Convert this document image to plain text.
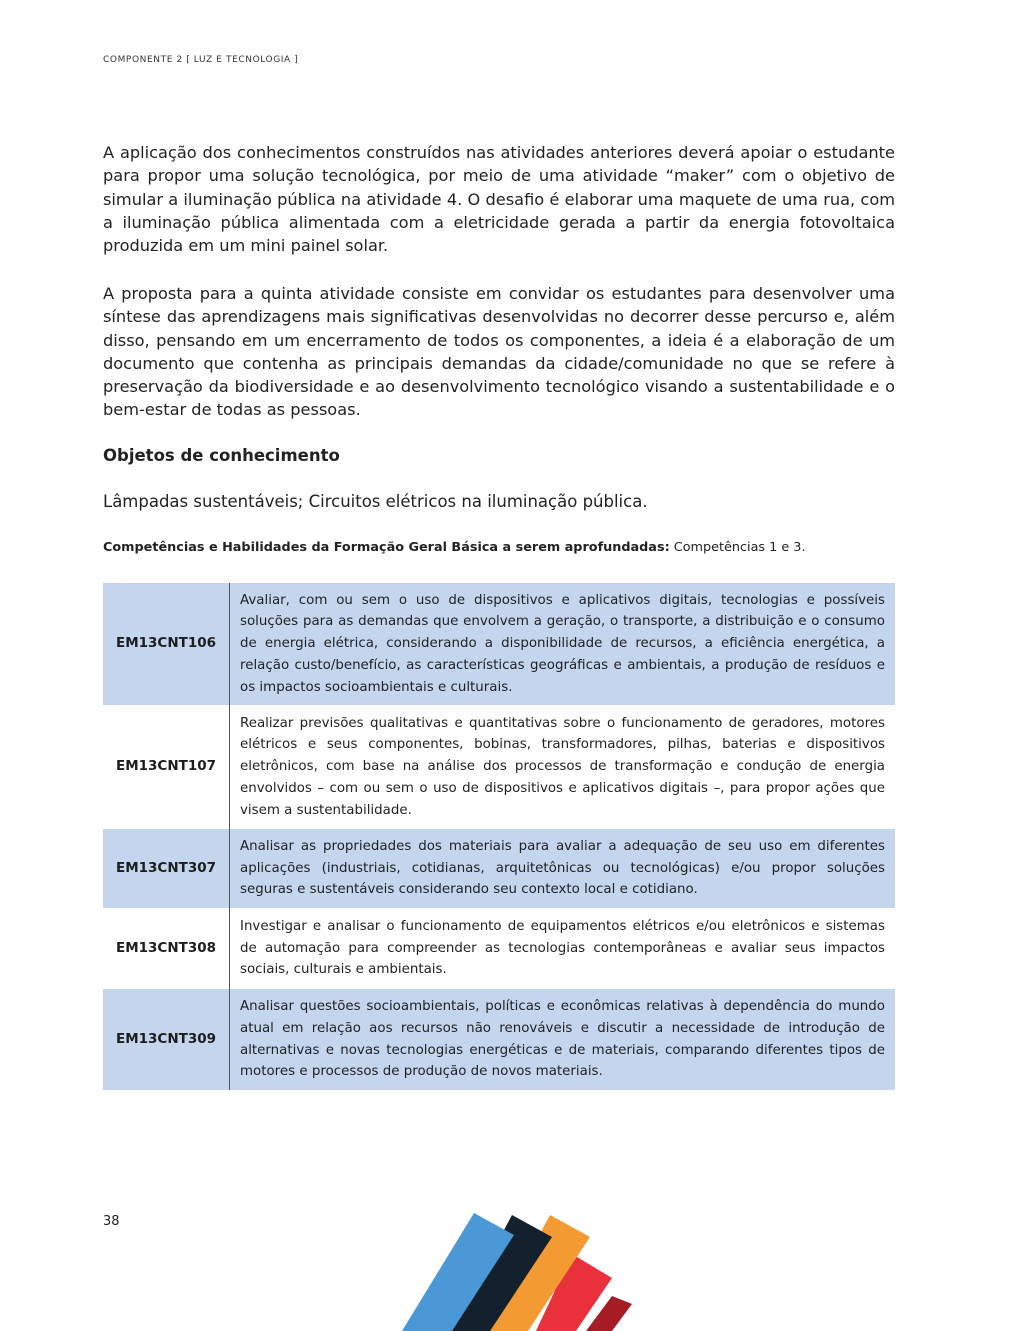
COMPONENTE 2 [ LUZ E TECNOLOGIA ]

A aplicação dos conhecimentos construídos nas atividades anteriores deverá apoiar o estudante para propor uma solução tecnológica, por meio de uma atividade “maker” com o objetivo de simular a iluminação pública na atividade 4. O desafio é elaborar uma maquete de uma rua, com a iluminação pública alimentada com a eletricidade gerada a partir da energia fotovoltaica produzida em um mini painel solar.

A proposta para a quinta atividade consiste em convidar os estudantes para desenvolver uma síntese das aprendizagens mais significativas desenvolvidas no decorrer desse percurso e, além disso, pensando em um encerramento de todos os componentes, a ideia é a elaboração de um documento que contenha as principais demandas da cidade/comunidade no que se refere à preservação da biodiversidade e ao desenvolvimento tecnológico visando a sustentabilidade e o bem-estar de todas as pessoas.

Objetos de conhecimento
Lâmpadas sustentáveis; Circuitos elétricos na iluminação pública.
Competências e Habilidades da Formação Geral Básica a serem aprofundadas: Competências 1 e 3.
EM13CNT106	Avaliar, com ou sem o uso de dispositivos e aplicativos digitais, tecnologias e possíveis soluções para as demandas que envolvem a geração, o transporte, a distribuição e o consumo de energia elétrica, considerando a disponibilidade de recursos, a eficiência energética, a relação custo/benefício, as características geográficas e ambientais, a produção de resíduos e os impactos socioambientais e culturais.
EM13CNT107	Realizar previsões qualitativas e quantitativas sobre o funcionamento de geradores, motores elétricos e seus componentes, bobinas, transformadores, pilhas, baterias e dispositivos eletrônicos, com base na análise dos processos de transformação e condução de energia envolvidos – com ou sem o uso de dispositivos e aplicativos digitais –, para propor ações que visem a sustentabilidade.
EM13CNT307	Analisar as propriedades dos materiais para avaliar a adequação de seu uso em diferentes aplicações (industriais, cotidianas, arquitetônicas ou tecnológicas) e/ou propor soluções seguras e sustentáveis considerando seu contexto local e cotidiano.
EM13CNT308	Investigar e analisar o funcionamento de equipamentos elétricos e/ou eletrônicos e sistemas de automação para compreender as tecnologias contemporâneas e avaliar seus impactos sociais, culturais e ambientais.
EM13CNT309	Analisar questões socioambientais, políticas e econômicas relativas à dependência do mundo atual em relação aos recursos não renováveis e discutir a necessidade de introdução de alternativas e novas tecnologias energéticas e de materiais, comparando diferentes tipos de motores e processos de produção de novos materiais.
38
